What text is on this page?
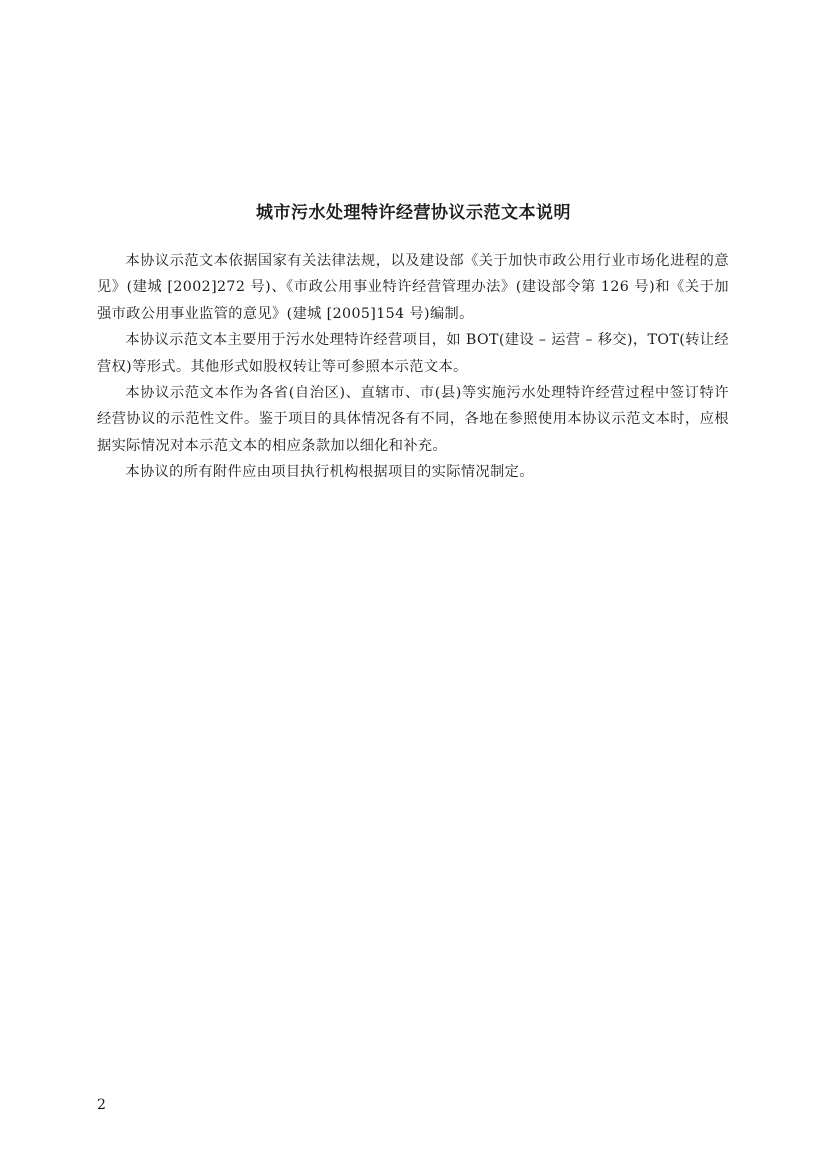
城市污水处理特许经营协议示范文本说明

本协议示范文本依据国家有关法律法规，以及建设部《关于加快市政公用行业市场化进程的意见》(建城 [2002]272 号)、《市政公用事业特许经营管理办法》(建设部令第 126 号)和《关于加强市政公用事业监管的意见》(建城 [2005]154 号)编制。

本协议示范文本主要用于污水处理特许经营项目，如 BOT(建设 – 运营 – 移交)，TOT(转让经营权)等形式。其他形式如股权转让等可参照本示范文本。

本协议示范文本作为各省(自治区)、直辖市、市(县)等实施污水处理特许经营过程中签订特许经营协议的示范性文件。鉴于项目的具体情况各有不同，各地在参照使用本协议示范文本时，应根据实际情况对本示范文本的相应条款加以细化和补充。

本协议的所有附件应由项目执行机构根据项目的实际情况制定。

2
